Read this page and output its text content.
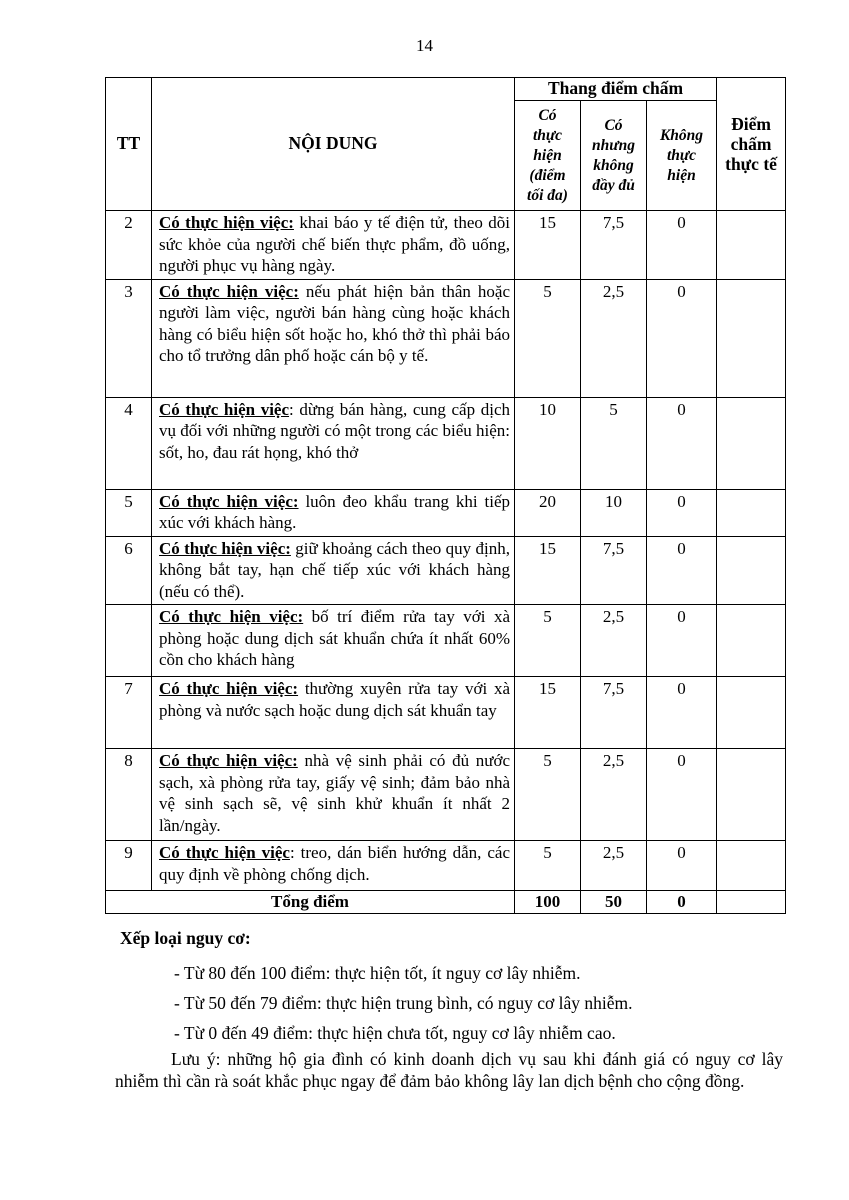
14
TT	NỘI DUNG	Thang điểm chấm			Điểm chấm thực tế

		Có thực hiện (điểm tối đa)	Có nhưng không đầy đủ	Không thực hiện	

2	Có thực hiện việc: khai báo y tế điện tử, theo dõi sức khỏe của người chế biến thực phẩm, đồ uống, người phục vụ hàng ngày.	15	7,5	0	
3	Có thực hiện việc: nếu phát hiện bản thân hoặc người làm việc, người bán hàng cùng hoặc khách hàng có biểu hiện sốt hoặc ho, khó thở thì phải báo cho tổ trưởng dân phố hoặc cán bộ y tế.	5	2,5	0	
4	Có thực hiện việc: dừng bán hàng, cung cấp dịch vụ đối với những người có một trong các biểu hiện: sốt, ho, đau rát họng, khó thở	10	5	0	
5	Có thực hiện việc: luôn đeo khẩu trang khi tiếp xúc với khách hàng.	20	10	0	
6	Có thực hiện việc: giữ khoảng cách theo quy định, không bắt tay, hạn chế tiếp xúc với khách hàng (nếu có thể).	15	7,5	0	
	Có thực hiện việc: bố trí điểm rửa tay với xà phòng hoặc dung dịch sát khuẩn chứa ít nhất 60% cồn cho khách hàng	5	2,5	0	
7	Có thực hiện việc: thường xuyên rửa tay với xà phòng và nước sạch hoặc dung dịch sát khuẩn tay	15	7,5	0	
8	Có thực hiện việc: nhà vệ sinh phải có đủ nước sạch, xà phòng rửa tay, giấy vệ sinh; đảm bảo nhà vệ sinh sạch sẽ, vệ sinh khử khuẩn ít nhất 2 lần/ngày.	5	2,5	0	
9	Có thực hiện việc: treo, dán biển hướng dẫn, các quy định về phòng chống dịch.	5	2,5	0	
Tổng điểm		100	50	0	
Xếp loại nguy cơ:
- Từ 80 đến 100 điểm: thực hiện tốt, ít nguy cơ lây nhiễm.
- Từ 50 đến 79 điểm: thực hiện trung bình, có nguy cơ lây nhiễm.
- Từ 0 đến 49 điểm: thực hiện chưa tốt, nguy cơ lây nhiễm cao.
Lưu ý: những hộ gia đình có kinh doanh dịch vụ sau khi đánh giá có nguy cơ lây nhiễm thì cần rà soát khắc phục ngay để đảm bảo không lây lan dịch bệnh cho cộng đồng.
